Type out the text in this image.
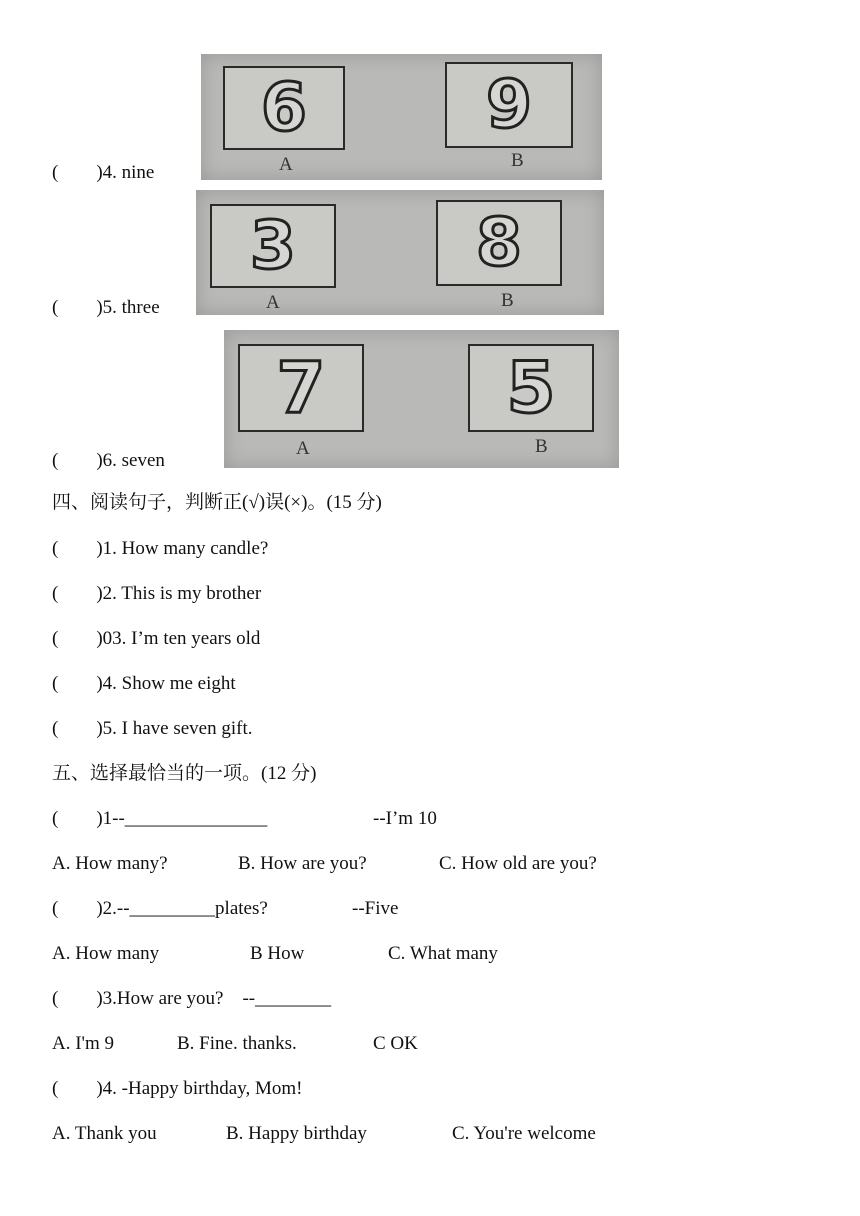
6
A
9
B
(        )4. nine
3
A
8
B
(        )5. three
7
A
5
B
(        )6. seven
四、阅读句子，判断正(√)误(×)。(15 分)
(        )1. How many candle?
(        )2. This is my brother
(        )03. I’m ten years old
(        )4. Show me eight
(        )5. I have seven gift.
五、选择最恰当的一项。(12 分)
(        )1--_______________	--I’m 10
A. How many?	B. How are you?	C. How old are you?
(        )2.--_________plates?	--Five
A. How many	B How	C. What many
(        )3.How are you?    --________
A. I'm 9	B. Fine. thanks.	C OK
(        )4. -Happy birthday, Mom!
A. Thank you	B. Happy birthday	C. You're welcome
